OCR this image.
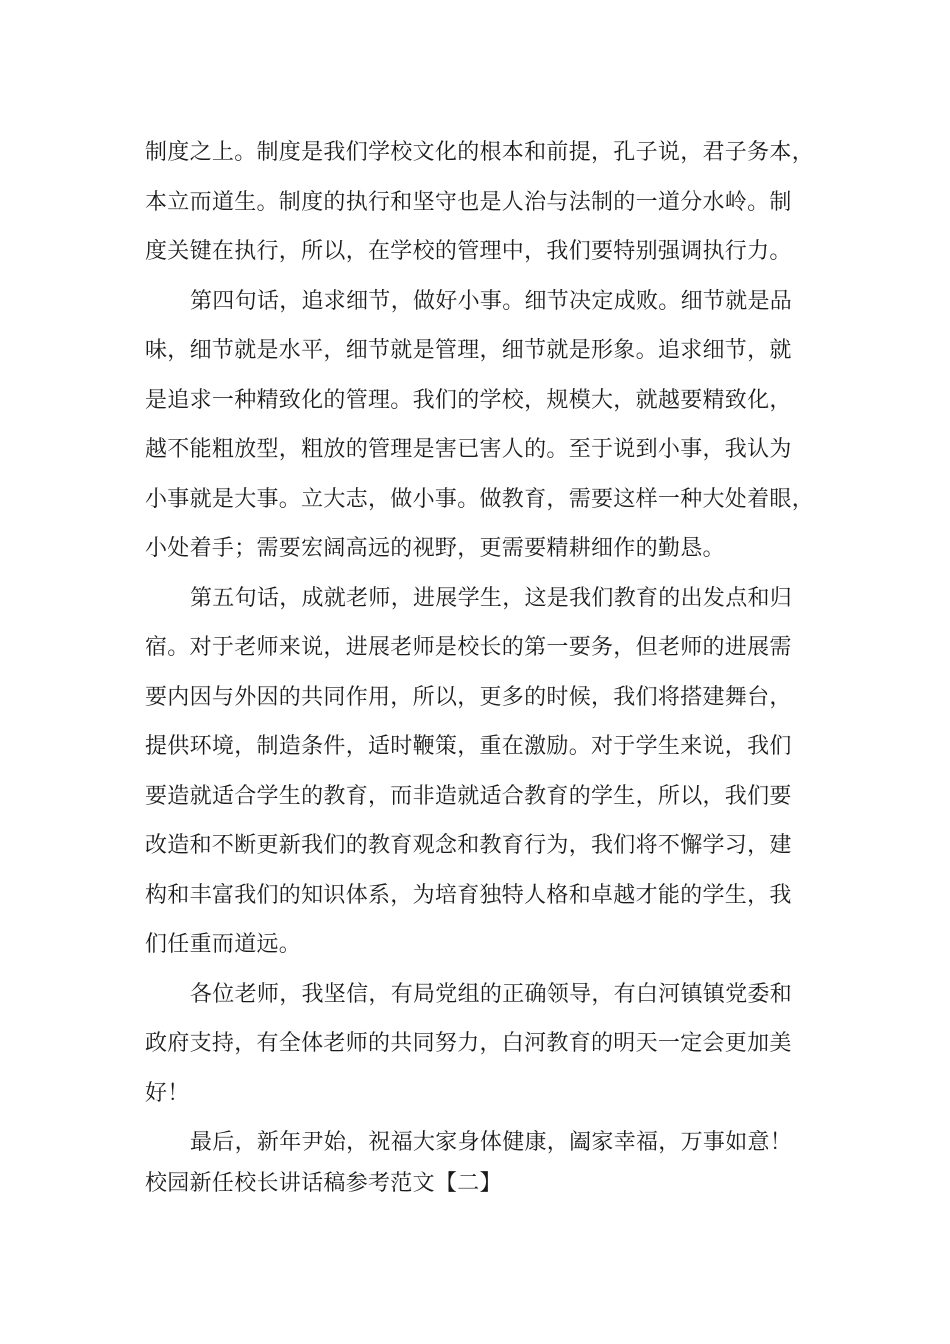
制度之上。制度是我们学校文化的根本和前提，孔子说，君子务本，
本立而道生。制度的执行和坚守也是人治与法制的一道分水岭。制
度关键在执行，所以，在学校的管理中，我们要特别强调执行力。
第四句话，追求细节，做好小事。细节决定成败。细节就是品
味，细节就是水平，细节就是管理，细节就是形象。追求细节，就
是追求一种精致化的管理。我们的学校，规模大，就越要精致化，
越不能粗放型，粗放的管理是害已害人的。至于说到小事，我认为
小事就是大事。立大志，做小事。做教育，需要这样一种大处着眼，
小处着手；需要宏阔高远的视野，更需要精耕细作的勤恳。
第五句话，成就老师，进展学生，这是我们教育的出发点和归
宿。对于老师来说，进展老师是校长的第一要务，但老师的进展需
要内因与外因的共同作用，所以，更多的时候，我们将搭建舞台，
提供环境，制造条件，适时鞭策，重在激励。对于学生来说，我们
要造就适合学生的教育，而非造就适合教育的学生，所以，我们要
改造和不断更新我们的教育观念和教育行为，我们将不懈学习，建
构和丰富我们的知识体系，为培育独特人格和卓越才能的学生，我
们任重而道远。
各位老师，我坚信，有局党组的正确领导，有白河镇镇党委和
政府支持，有全体老师的共同努力，白河教育的明天一定会更加美
好！
最后，新年尹始，祝福大家身体健康，阖家幸福，万事如意！
校园新任校长讲话稿参考范文【二】
